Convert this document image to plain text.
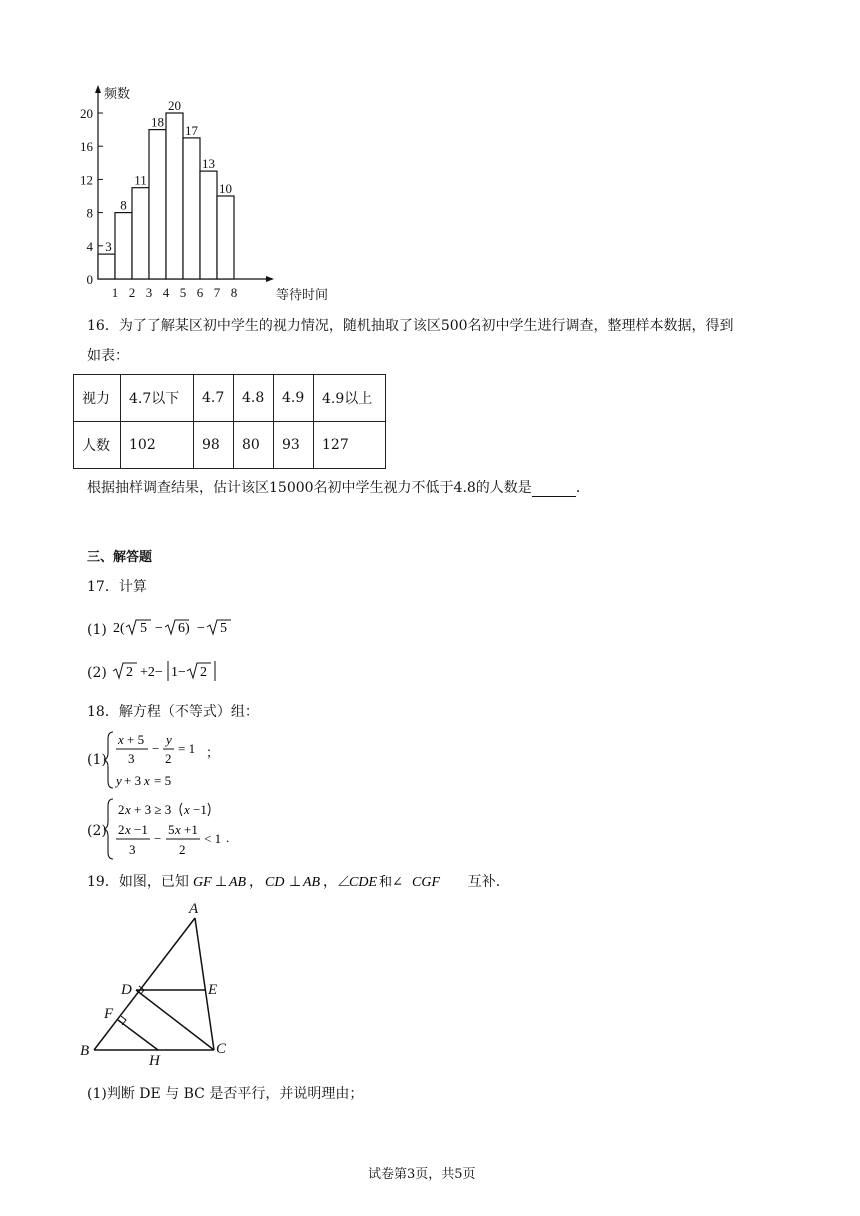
0
4
8
12
16
20
1 2 3 4 5 6 7 8
频数
等待时间
3
8
11
18
20
17
13
10
16．为了了解某区初中学生的视力情况，随机抽取了该区500名初中学生进行调查，整理样本数据，得到
如表：
视力	4.7以下	4.7	4.8	4.9	4.9以上
人数	102	98	80	93	127
根据抽样调查结果，估计该区15000名初中学生视力不低于4.8的人数是	．
三、解答题
17．计算
(1) 2( 5 − 6) − 5
(2) 2 +2− 1− 2
18．解方程（不等式）组：
(1)
x + 5
3
−
y
2
= 1 ；
y + 3 x = 5
(2)
2 x + 3 ≥ 3 x −1
2 x −1
3
−
5 x +1
2
< 1 .
19．如图，已知 GF ⊥ AB ， CD ⊥ AB ，∠
CDE 和∠ CGF 互补．
A
B	C
D	E
F
H
(1)判断 DE 与 BC 是否平行，并说明理由；
试卷第3页，共5页
